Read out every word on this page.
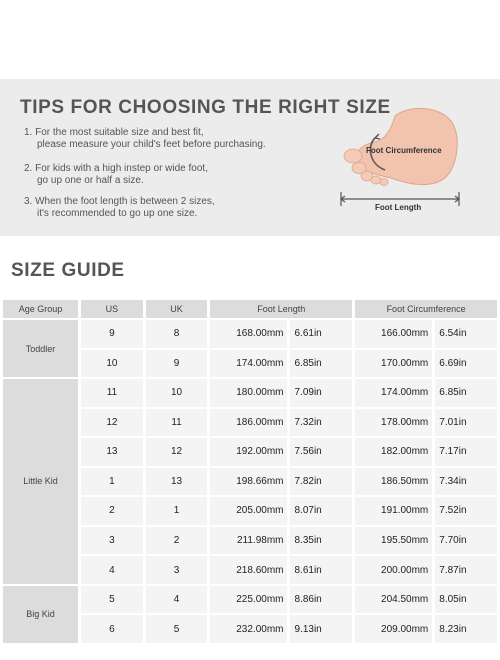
TIPS FOR CHOOSING THE RIGHT SIZE
1. For the most suitable size and best fit,
please measure your child's feet before purchasing.
2. For kids with a high instep or wide foot,
go up one or half a size.
3. When the foot length is between 2 sizes,
it's recommended to go up one size.
Foot Circumference
Foot Length
SIZE GUIDE
Age Group	US	UK	Foot Length		Foot Circumference	
Toddler	9	8	168.00mm	6.61in	166.00mm	6.54in
	10	9	174.00mm	6.85in	170.00mm	6.69in
Little Kid	11	10	180.00mm	7.09in	174.00mm	6.85in
	12	11	186.00mm	7.32in	178.00mm	7.01in
	13	12	192.00mm	7.56in	182.00mm	7.17in
	1	13	198.66mm	7.82in	186.50mm	7.34in
	2	1	205.00mm	8.07in	191.00mm	7.52in
	3	2	211.98mm	8.35in	195.50mm	7.70in
	4	3	218.60mm	8.61in	200.00mm	7.87in
Big Kid	5	4	225.00mm	8.86in	204.50mm	8.05in
	6	5	232.00mm	9.13in	209.00mm	8.23in
